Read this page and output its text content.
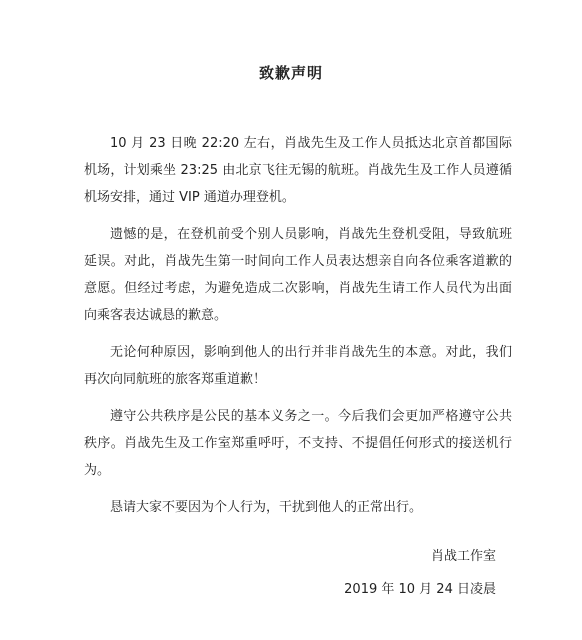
致歉声明

10 月 23 日晚 22:20 左右，肖战先生及工作人员抵达北京首都国际机场，计划乘坐 23:25 由北京飞往无锡的航班。肖战先生及工作人员遵循机场安排，通过 VIP 通道办理登机。

遗憾的是，在登机前受个别人员影响，肖战先生登机受阻，导致航班延误。对此，肖战先生第一时间向工作人员表达想亲自向各位乘客道歉的意愿。但经过考虑，为避免造成二次影响，肖战先生请工作人员代为出面向乘客表达诚恳的歉意。

无论何种原因，影响到他人的出行并非肖战先生的本意。对此，我们再次向同航班的旅客郑重道歉！

遵守公共秩序是公民的基本义务之一。今后我们会更加严格遵守公共秩序。肖战先生及工作室郑重呼吁，不支持、不提倡任何形式的接送机行为。

恳请大家不要因为个人行为，干扰到他人的正常出行。

肖战工作室
2019 年 10 月 24 日凌晨
